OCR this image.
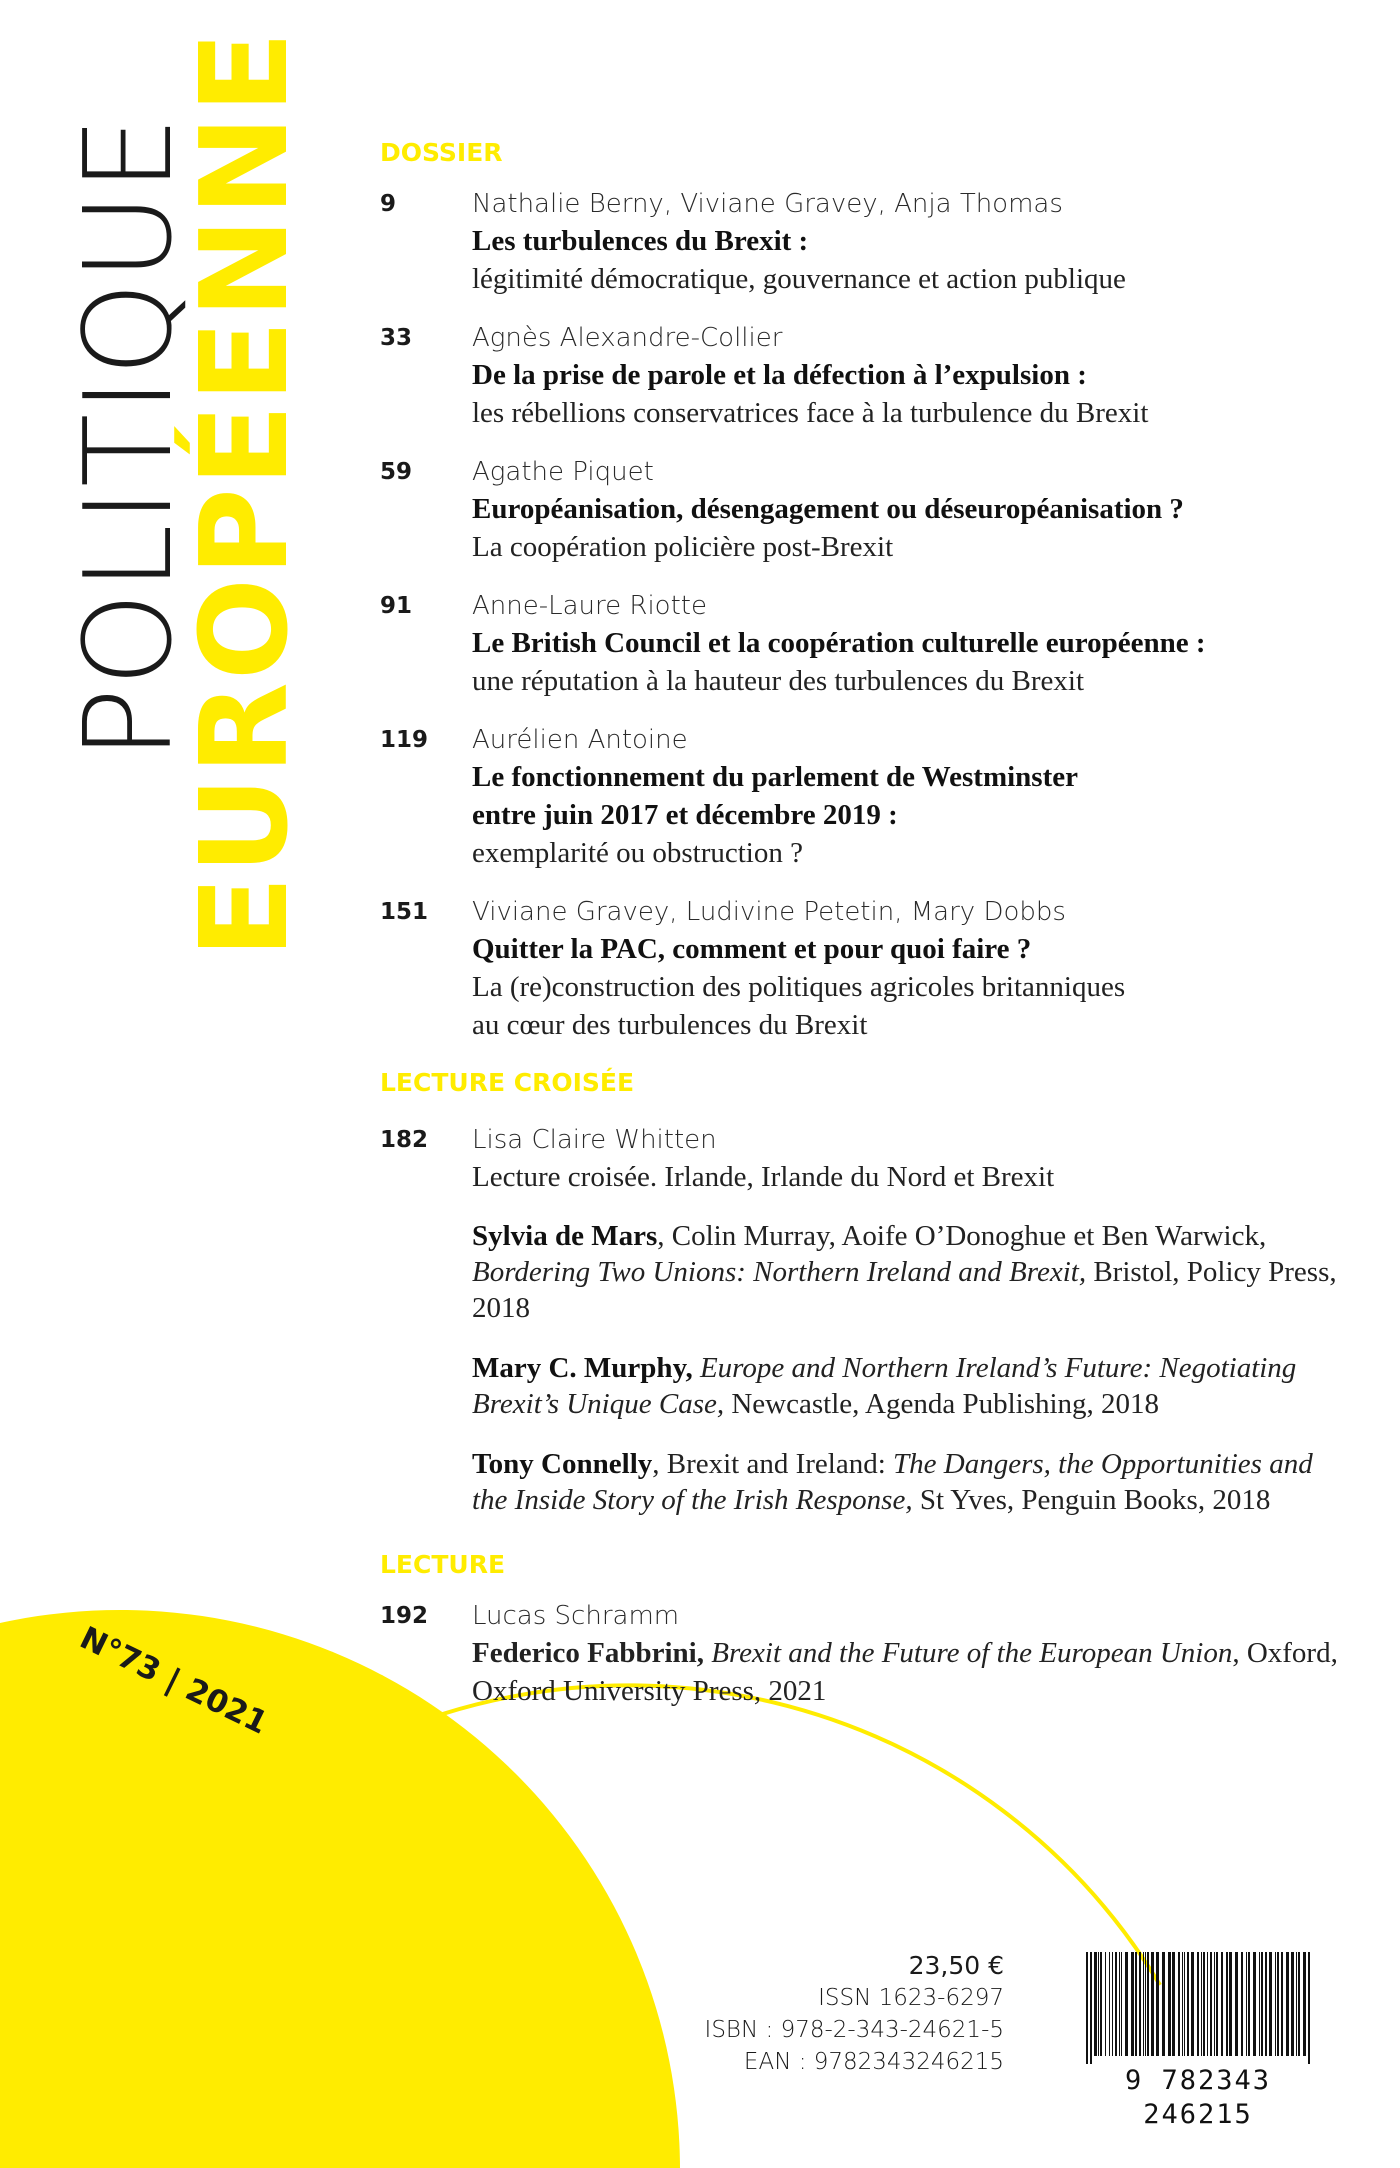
POLITIQUE
EUROPÉENNE
N°73 | 2021
DOSSIER
9	Nathalie Berny, Viviane Gravey, Anja Thomas
Les turbulences du Brexit :
légitimité démocratique, gouvernance et action publique
33 Agnès Alexandre-Collier
De la prise de parole et la défection à l’expulsion :
les rébellions conservatrices face à la turbulence du Brexit
59 Agathe Piquet
Européanisation, désengagement ou déseuropéanisation ?
La coopération policière post-Brexit
91 Anne-Laure Riotte
Le British Council et la coopération culturelle européenne :
une réputation à la hauteur des turbulences du Brexit
119 Aurélien Antoine
Le fonctionnement du parlement de Westminster
entre juin 2017 et décembre 2019 :
exemplarité ou obstruction ?
151 Viviane Gravey, Ludivine Petetin, Mary Dobbs
Quitter la PAC, comment et pour quoi faire ?
La (re)construction des politiques agricoles britanniques
au cœur des turbulences du Brexit
LECTURE CROISÉE
182 Lisa Claire Whitten
Lecture croisée. Irlande, Irlande du Nord et Brexit
Sylvia de Mars, Colin Murray, Aoife O’Donoghue et Ben Warwick, Bordering Two Unions: Northern Ireland and Brexit, Bristol, Policy Press, 2018
Mary C. Murphy, Europe and Northern Ireland’s Future: Negotiating Brexit’s Unique Case, Newcastle, Agenda Publishing, 2018
Tony Connelly, Brexit and Ireland: The Dangers, the Opportunities and the Inside Story of the Irish Response, St Yves, Penguin Books, 2018
LECTURE
192 Lucas Schramm
Federico Fabbrini, Brexit and the Future of the European Union, Oxford, Oxford University Press, 2021
23,50 €
ISSN 1623-6297
ISBN : 978-2-343-24621-5
EAN : 9782343246215
9 782343 246215
